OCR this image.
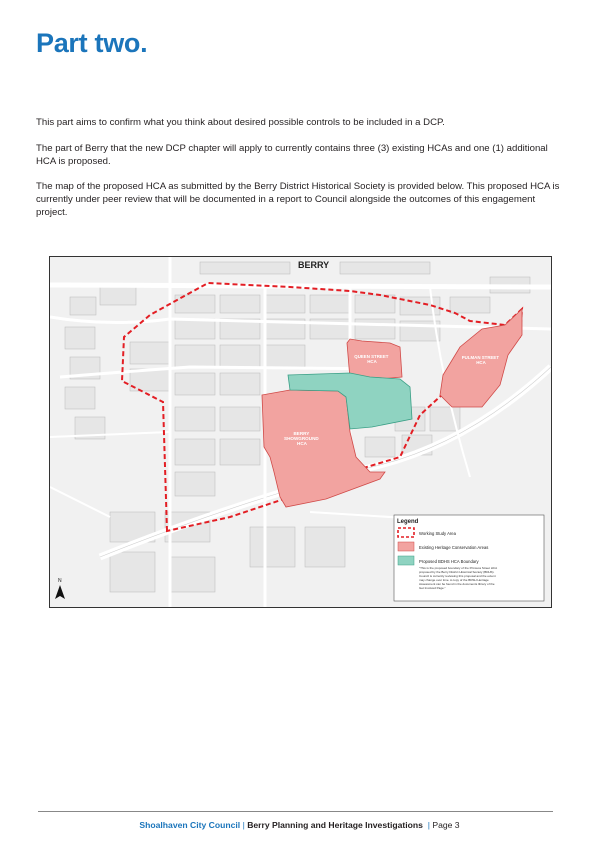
Part two.

This part aims to confirm what you think about desired possible controls to be included in a DCP.

The part of Berry that the new DCP chapter will apply to currently contains three (3) existing HCAs and one (1) additional HCA is proposed.

The map of the proposed HCA as submitted by the Berry District Historical Society is provided below. This proposed HCA is currently under peer review that will be documented in a report to Council alongside the outcomes of this engagement project.

BERRY
QUEEN STREET HCA
PULMAN STREET HCA
BERRY SHOWGROUND HCA
N
Legend
Working Study Area
Existing Heritage Conservation Areas
Proposed BDHS HCA Boundary
"This is the proposed boundary of the Princess Street HCA proposed by the Berry District Historical Society (BDHS). Council is currently reviewing this proposal and the extent may change over time. A copy of the BDSH Heritage Assessment can be found in the documents library of the Get Involved Page."
Shoalhaven City Council | Berry Planning and Heritage Investigations | Page 3
